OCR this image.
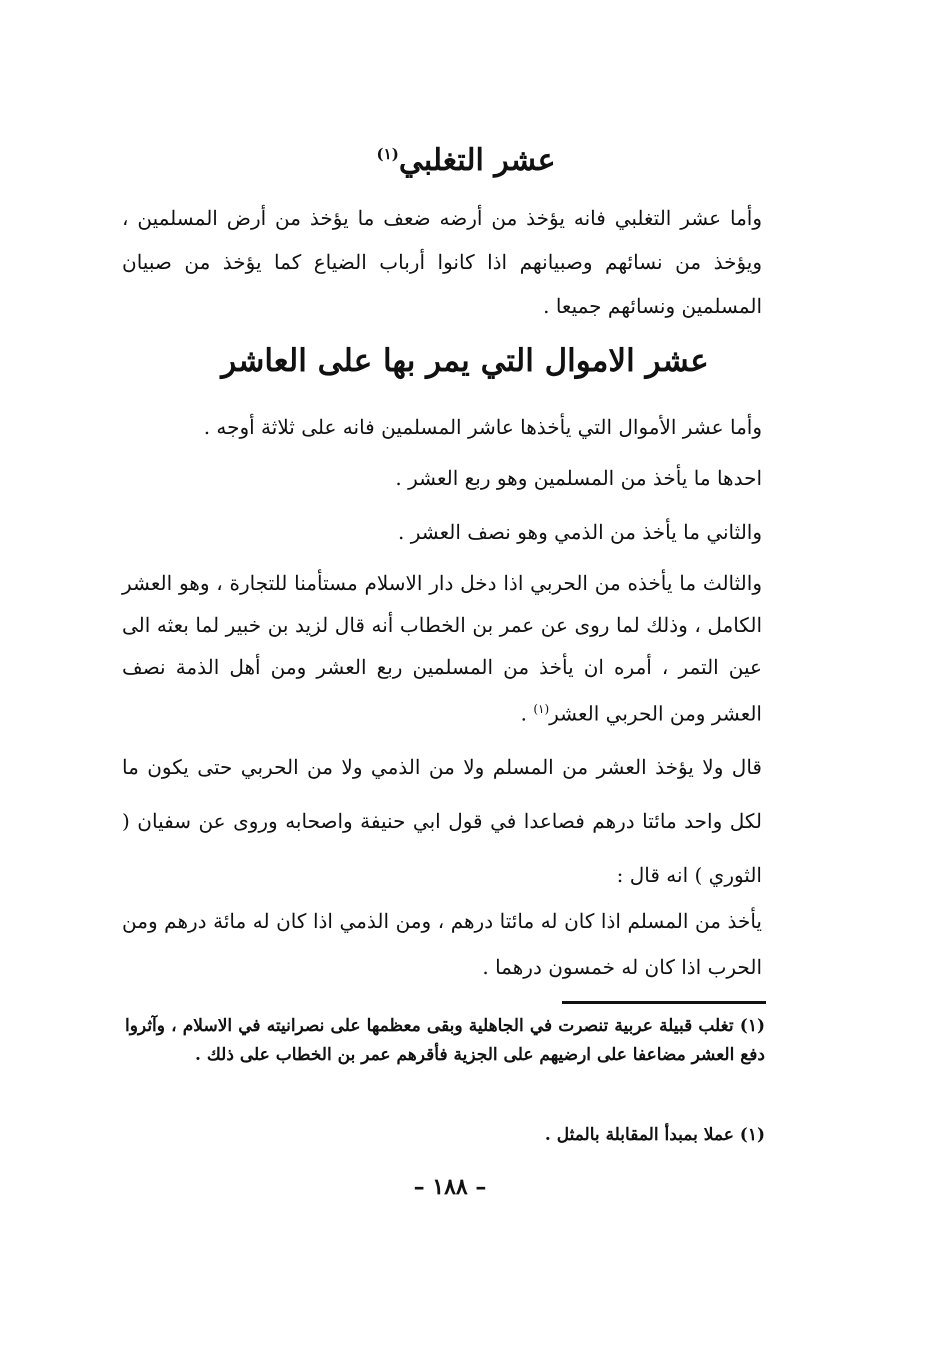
عشر التغلبي$^{(١)}$
وأما عشر التغلبي فانه يؤخذ من أرضه ضعف ما يؤخذ من أرض المسلمين ، ويؤخذ من نسائهم وصبيانهم اذا كانوا أرباب الضياع كما يؤخذ من صبيان المسلمين ونسائهم جميعا .
عشر الاموال التي يمر بها على العاشر
وأما عشر الأموال التي يأخذها عاشر المسلمين فانه على ثلاثة أوجه .
احدها ما يأخذ من المسلمين وهو ربع العشر .
والثاني ما يأخذ من الذمي وهو نصف العشر .
والثالث ما يأخذه من الحربي اذا دخل دار الاسلام مستأمنا للتجارة ، وهو العشر الكامل ، وذلك لما روى عن عمر بن الخطاب أنه قال لزيد بن خبير لما بعثه الى عين التمر ، أمره ان يأخذ من المسلمين ربع العشر ومن أهل الذمة نصف العشر ومن الحربي العشر$^{(١)}$ .
قال ولا يؤخذ العشر من المسلم ولا من الذمي ولا من الحربي حتى يكون ما لكل واحد مائتا درهم فصاعدا في قول ابي حنيفة واصحابه وروى عن سفيان ( الثوري ) انه قال :
يأخذ من المسلم اذا كان له مائتا درهم ، ومن الذمي اذا كان له مائة درهم ومن الحرب اذا كان له خمسون درهما .
(١) تغلب قبيلة عربية تنصرت في الجاهلية وبقى معظمها على نصرانيته في الاسلام ، وآثروا دفع العشر مضاعفا على ارضيهم على الجزية فأقرهم عمر بن الخطاب على ذلك .
(١) عملا بمبدأ المقابلة بالمثل .
– ١٨٨ –
